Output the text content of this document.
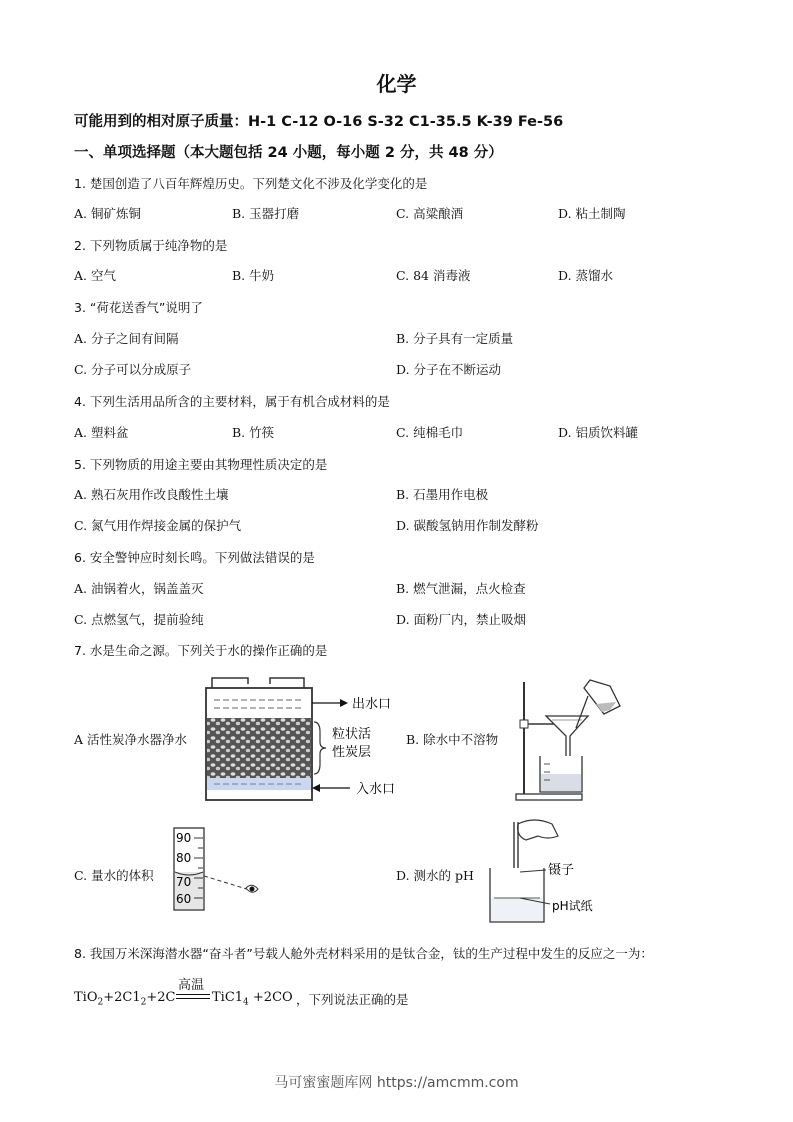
化学
可能用到的相对原子质量：H-1 C-12 O-16 S-32 C1-35.5 K-39 Fe-56
一、单项选择题（本大题包括 24 小题，每小题 2 分，共 48 分）
1. 楚国创造了八百年辉煌历史。下列楚文化不涉及化学变化的是
A. 铜矿炼铜	B. 玉器打磨	C. 高粱酿酒	D. 粘土制陶
2. 下列物质属于纯净物的是
A. 空气	B. 牛奶	C. 84 消毒液	D. 蒸馏水
3. “荷花送香气”说明了
A. 分子之间有间隔	B. 分子具有一定质量
C. 分子可以分成原子	D. 分子在不断运动
4. 下列生活用品所含的主要材料，属于有机合成材料的是
A. 塑料盆	B. 竹筷	C. 纯棉毛巾	D. 铝质饮料罐
5. 下列物质的用途主要由其物理性质决定的是
A. 熟石灰用作改良酸性土壤	B. 石墨用作电极
C. 氮气用作焊接金属的保护气	D. 碳酸氢钠用作制发酵粉
6. 安全警钟应时刻长鸣。下列做法错误的是
A. 油锅着火，锅盖盖灭	B. 燃气泄漏，点火检查
C. 点燃氢气，提前验纯	D. 面粉厂内，禁止吸烟
7. 水是生命之源。下列关于水的操作正确的是
A 活性炭净水器净水	B. 除水中不溶物
C. 量水的体积	D. 测水的 pH
出水口
入水口
粒状活
性炭层
90
80
70
60
镊子
pH试纸
8. 我国万米深海潜水器“奋斗者”号载人舱外壳材料采用的是钛合金，钛的生产过程中发生的反应之一为：
$TiO_2+2C1_2+2C$
高温
$TiC1_4 +2CO$ ，下列说法正确的是
马可蜜蜜题库网 https://amcmm.com
